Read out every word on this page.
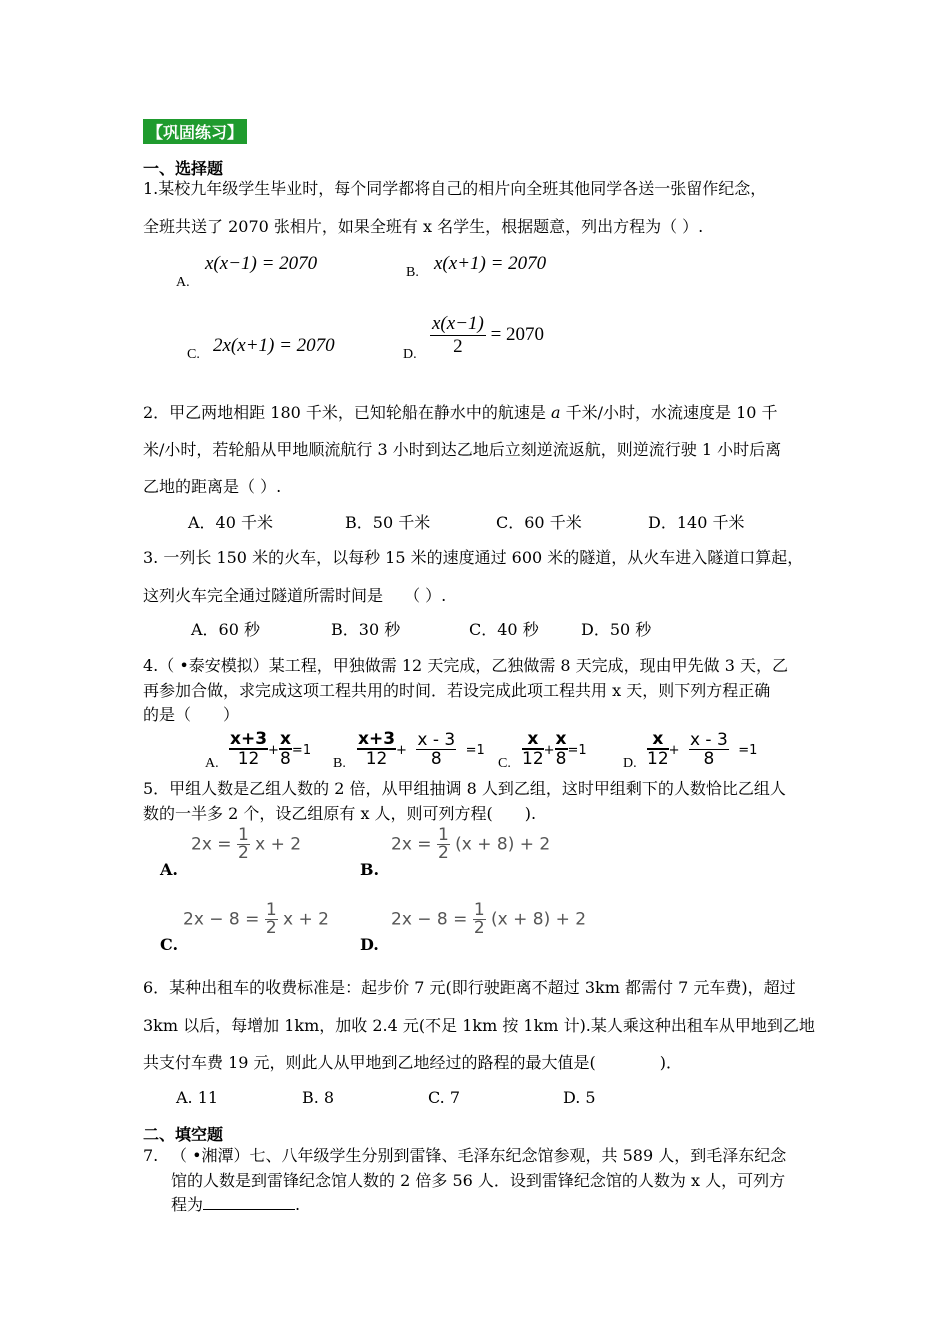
【巩固练习】
一、选择题
1.某校九年级学生毕业时，每个同学都将自己的相片向全班其他同学各送一张留作纪念，
全班共送了 2070 张相片，如果全班有 x 名学生，根据题意，列出方程为（ ）.
A.
x(x−1) = 2070	B. x(x+1) = 2070
C. 2x(x+1) = 2070	D. $\frac{x(x-1)}{2} = 2070$
2．甲乙两地相距 180 千米，已知轮船在静水中的航速是 a 千米/小时，水流速度是 10 千
米/小时，若轮船从甲地顺流航行 3 小时到达乙地后立刻逆流返航，则逆流行驶 1 小时后离
乙地的距离是（ ）.
A．40 千米	B．50 千米	C．60 千米	D．140 千米
3. 一列长 150 米的火车，以每秒 15 米的速度通过 600 米的隧道，从火车进入隧道口算起，
这列火车完全通过隧道所需时间是　 （ ）.
A．60 秒	B．30 秒	C．40 秒	D．50 秒
4.（ •泰安模拟）某工程，甲独做需 12 天完成，乙独做需 8 天完成，现由甲先做 3 天，乙
再参加合做，求完成这项工程共用的时间．若设完成此项工程共用 x 天，则下列方程正确
的是（　　）
A. $\frac{x+3}{12} + \frac{x}{8} =1$
B. $\frac{x+3}{12} + \frac{x - 3}{8} =1$
C. $\frac{x}{12} + \frac{x}{8} =1$
D. $\frac{x}{12} + \frac{x - 3}{8} =1$
5．甲组人数是乙组人数的 2 倍，从甲组抽调 8 人到乙组，这时甲组剩下的人数恰比乙组人
数的一半多 2 个，设乙组原有 x 人，则可列方程(　　).
A.
$2x = \frac{1}{2}$ x + 2
B.
$2x = \frac{1}{2} (x + 8) + 2$
C.
$2x - 8 = \frac{1}{2}$ x + 2
D.
$2x - 8 = \frac{1}{2} (x + 8) + 2$
6．某种出租车的收费标准是：起步价 7 元(即行驶距离不超过 3km 都需付 7 元车费)，超过
3km 以后，每增加 1km，加收 2.4 元(不足 1km 按 1km 计).某人乘这种出租车从甲地到乙地
共支付车费 19 元，则此人从甲地到乙地经过的路程的最大值是(　　　　)．
A. 11	B. 8	C. 7	D. 5
二、填空题
7. （ •湘潭）七、八年级学生分别到雷锋、毛泽东纪念馆参观，共 589 人，到毛泽东纪念
馆的人数是到雷锋纪念馆人数的 2 倍多 56 人．设到雷锋纪念馆的人数为 x 人，可列方
程为	.
